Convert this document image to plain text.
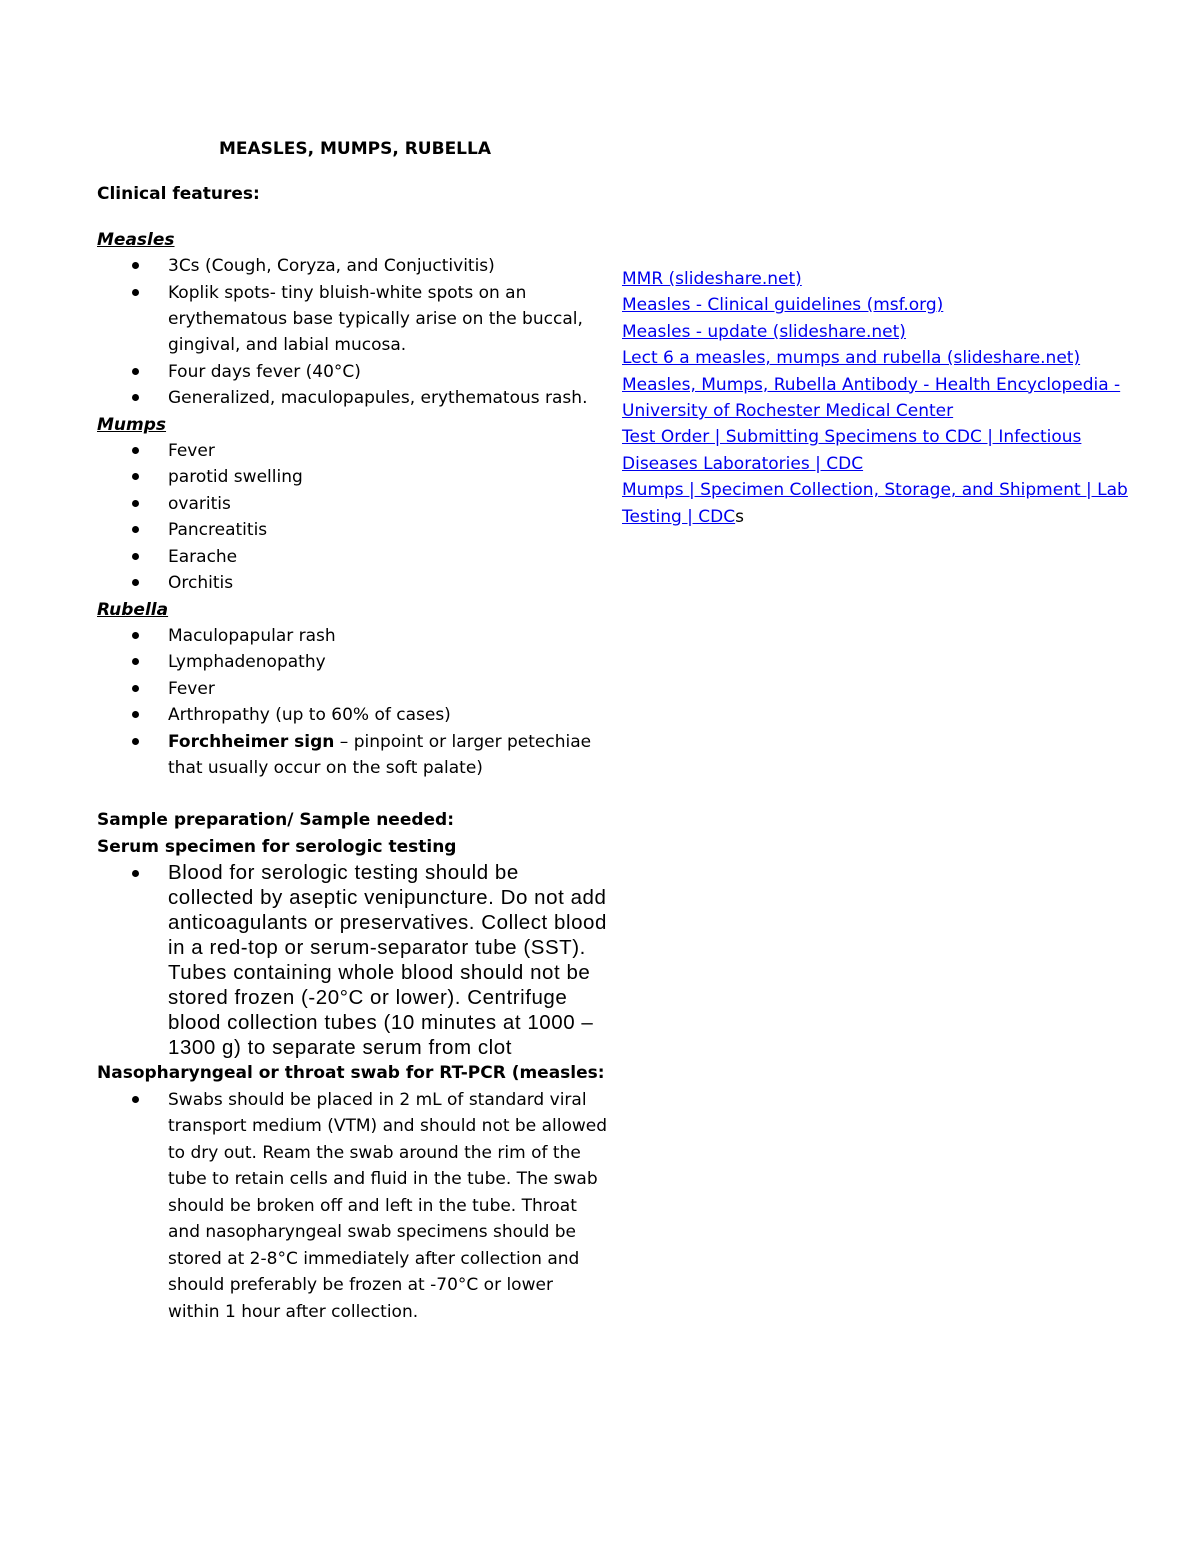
MEASLES, MUMPS, RUBELLA

Clinical features:

Measles

3Cs (Cough, Coryza, and Conjuctivitis)
Koplik spots- tiny bluish-white spots on an erythematous base typically arise on the buccal, gingival, and labial mucosa.
Four days fever (40°C)
Generalized, maculopapules, erythematous rash.

Mumps

Fever
parotid swelling
ovaritis
Pancreatitis
Earache
Orchitis

Rubella

Maculopapular rash
Lymphadenopathy
Fever
Arthropathy (up to 60% of cases)
Forchheimer sign – pinpoint or larger petechiae that usually occur on the soft palate)

Sample preparation/ Sample needed:

Serum specimen for serologic testing

Blood for serologic testing should be collected by aseptic venipuncture. Do not add anticoagulants or preservatives. Collect blood in a red-top or serum-separator tube (SST). Tubes containing whole blood should not be stored frozen (-20°C or lower). Centrifuge blood collection tubes (10 minutes at 1000 – 1300 g) to separate serum from clot

Nasopharyngeal or throat swab for RT-PCR (measles:

Swabs should be placed in 2 mL of standard viral transport medium (VTM) and should not be allowed to dry out. Ream the swab around the rim of the tube to retain cells and fluid in the tube. The swab should be broken off and left in the tube. Throat and nasopharyngeal swab specimens should be stored at 2-8°C immediately after collection and should preferably be frozen at -70°C or lower within 1 hour after collection.
MMR (slideshare.net)
Measles - Clinical guidelines (msf.org)
Measles - update (slideshare.net)
Lect 6 a measles, mumps and rubella (slideshare.net)
Measles, Mumps, Rubella Antibody - Health Encyclopedia - University of Rochester Medical Center
Test Order | Submitting Specimens to CDC | Infectious Diseases Laboratories | CDC
Mumps | Specimen Collection, Storage, and Shipment | Lab Testing | CDCs
